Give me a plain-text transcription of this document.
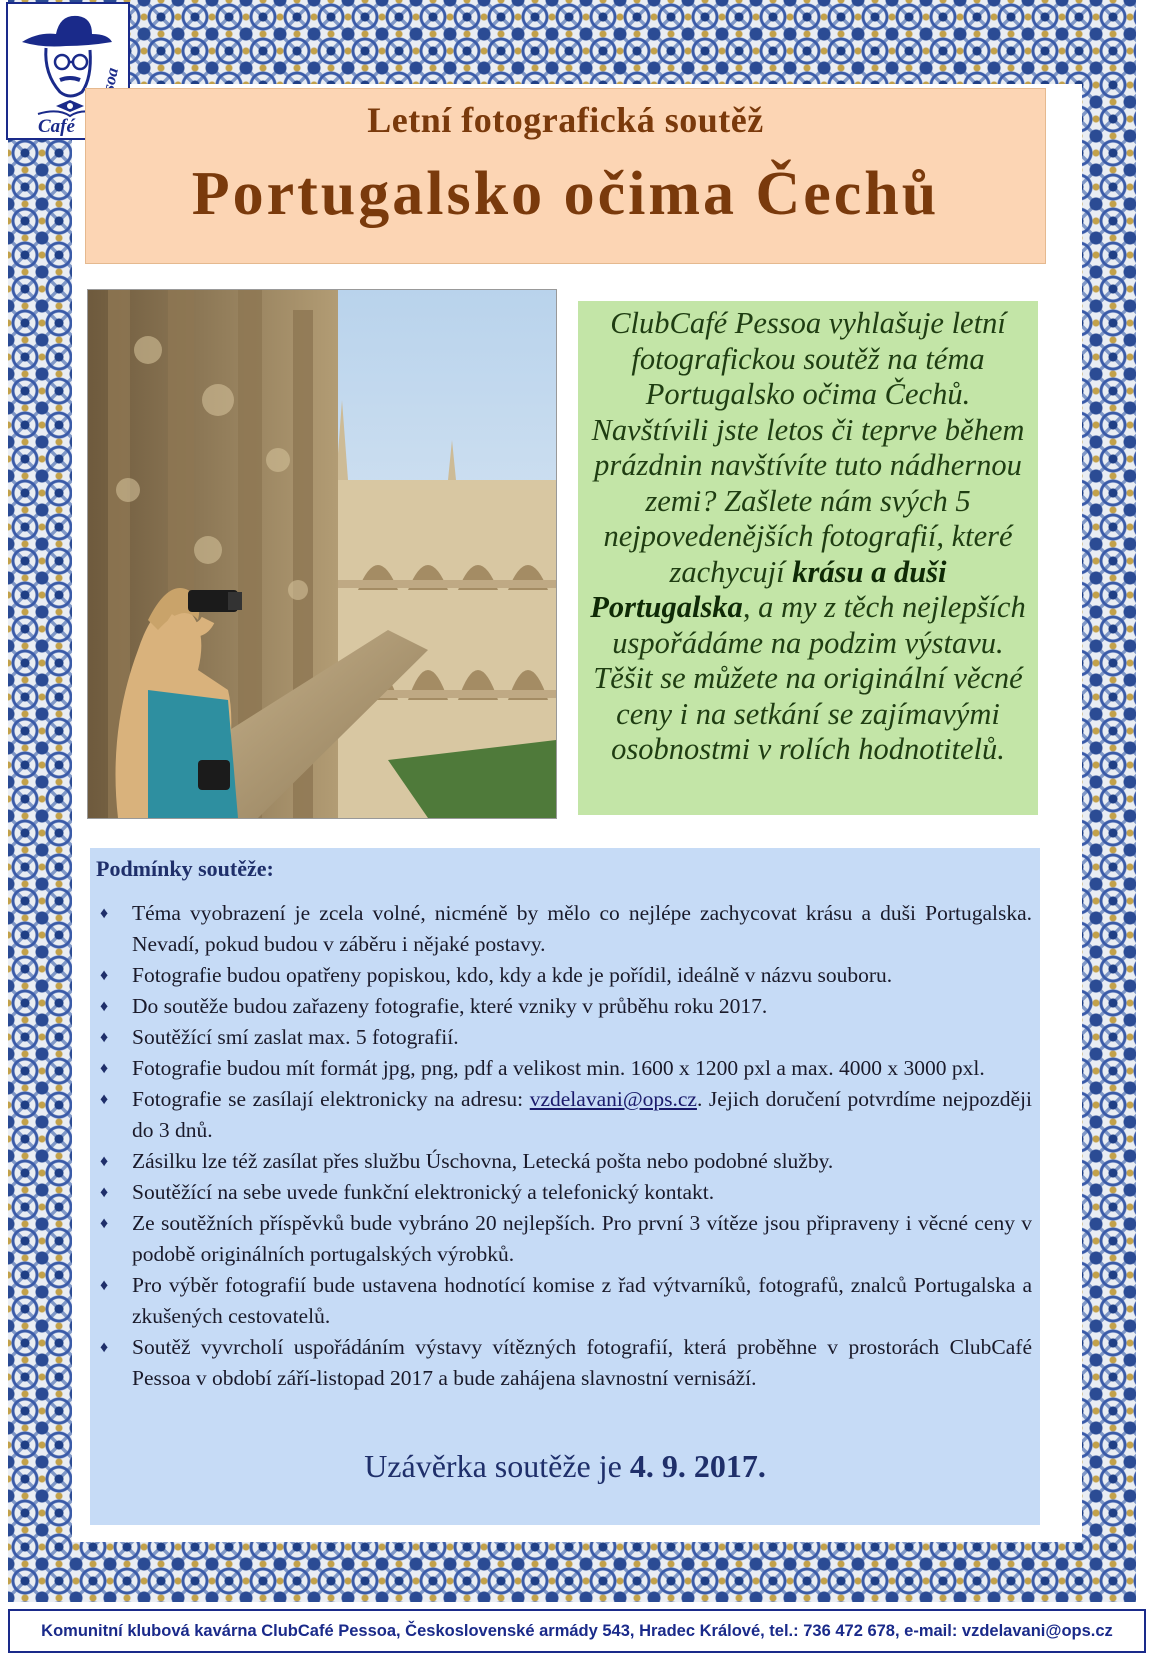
Café	Letní fotografická soutěž
Portugalsko očima Čechů
ClubCafé Pessoa vyhlašuje letní fotografickou soutěž na téma Portugalsko očima Čechů. Navštívili jste letos či teprve během prázdnin navštívíte tuto nádhernou zemi? Zašlete nám svých 5 nejpovedenějších fotografií, které zachycují krásu a duši Portugalska, a my z těch nejlepších uspořádáme na podzim výstavu. Těšit se můžete na originální věcné ceny i na setkání se zajímavými osobnostmi v rolích hodnotitelů.
Podmínky soutěže:
♦ Téma vyobrazení je zcela volné, nicméně by mělo co nejlépe zachycovat krásu a duši Portugalska. Nevadí, pokud budou v záběru i nějaké postavy.
♦ Fotografie budou opatřeny popiskou, kdo, kdy a kde je pořídil, ideálně v názvu souboru.
♦ Do soutěže budou zařazeny fotografie, které vzniky v průběhu roku 2017.
♦ Soutěžící smí zaslat max. 5 fotografií.
♦ Fotografie budou mít formát jpg, png, pdf a velikost min. 1600 x 1200 pxl a max. 4000 x 3000 pxl.
♦ Fotografie se zasílají elektronicky na adresu: vzdelavani@ops.cz. Jejich doručení potvrdíme nejpozději do 3 dnů.
♦ Zásilku lze též zasílat přes službu Úschovna, Letecká pošta nebo podobné služby.
♦ Soutěžící na sebe uvede funkční elektronický a telefonický kontakt.
♦ Ze soutěžních příspěvků bude vybráno 20 nejlepších. Pro první 3 vítěze jsou připraveny i věcné ceny v podobě originálních portugalských výrobků.
♦ Pro výběr fotografií bude ustavena hodnotící komise z řad výtvarníků, fotografů, znalců Portugalska a zkušených cestovatelů.
♦ Soutěž vyvrcholí uspořádáním výstavy vítězných fotografií, která proběhne v prostorách ClubCafé Pessoa v období září-listopad 2017 a bude zahájena slavnostní vernisáží.
Uzávěrka soutěže je 4. 9. 2017.
Komunitní klubová kavárna ClubCafé Pessoa, Československé armády 543, Hradec Králové, tel.: 736 472 678, e-mail: vzdelavani@ops.cz
